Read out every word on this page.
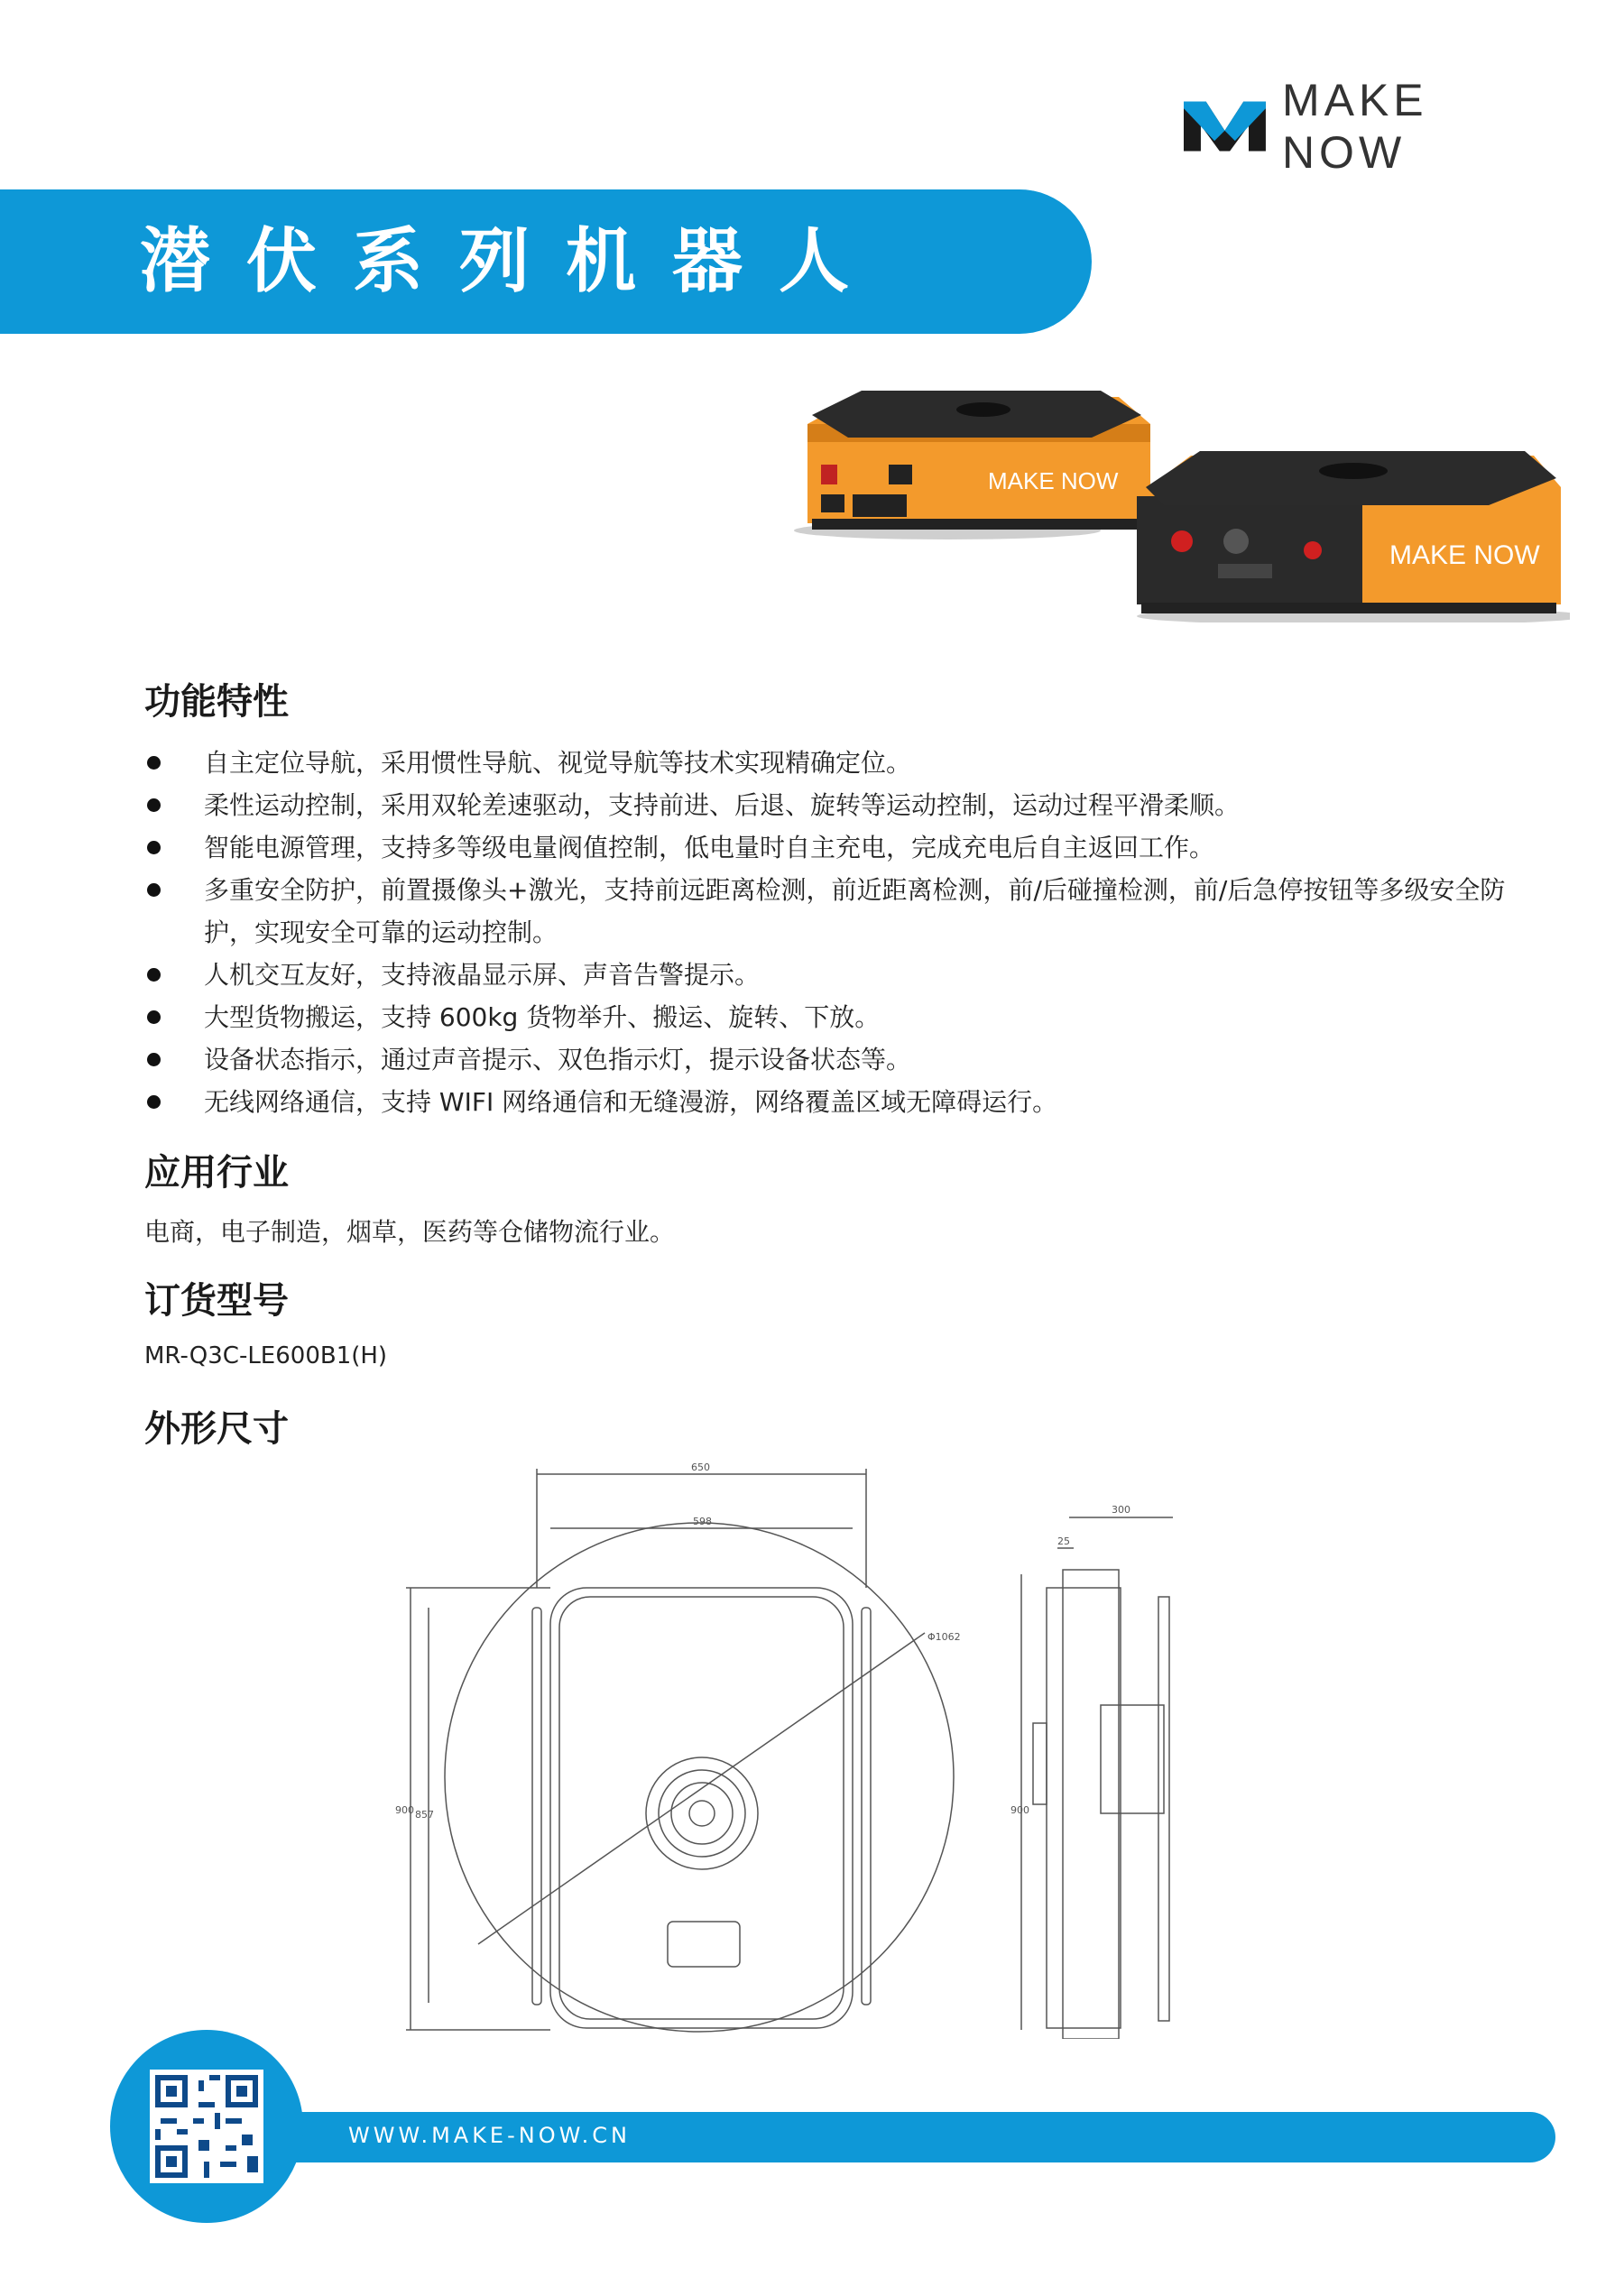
MAKE NOW
潜伏系列机器人
MAKE NOW
MAKE NOW
功能特性
自主定位导航，采用惯性导航、视觉导航等技术实现精确定位。
柔性运动控制，采用双轮差速驱动，支持前进、后退、旋转等运动控制，运动过程平滑柔顺。
智能电源管理，支持多等级电量阀值控制，低电量时自主充电，完成充电后自主返回工作。
多重安全防护，前置摄像头+激光，支持前远距离检测，前近距离检测，前/后碰撞检测，前/后急停按钮等多级安全防护，实现安全可靠的运动控制。
人机交互友好，支持液晶显示屏、声音告警提示。
大型货物搬运，支持 600kg 货物举升、搬运、旋转、下放。
设备状态指示，通过声音提示、双色指示灯，提示设备状态等。
无线网络通信，支持 WIFI 网络通信和无缝漫游，网络覆盖区域无障碍运行。
应用行业
电商，电子制造，烟草，医药等仓储物流行业。
订货型号
MR-Q3C-LE600B1(H)
外形尺寸
Φ1062
650
598
900 857	900
300
25
WWW.MAKE-NOW.CN
